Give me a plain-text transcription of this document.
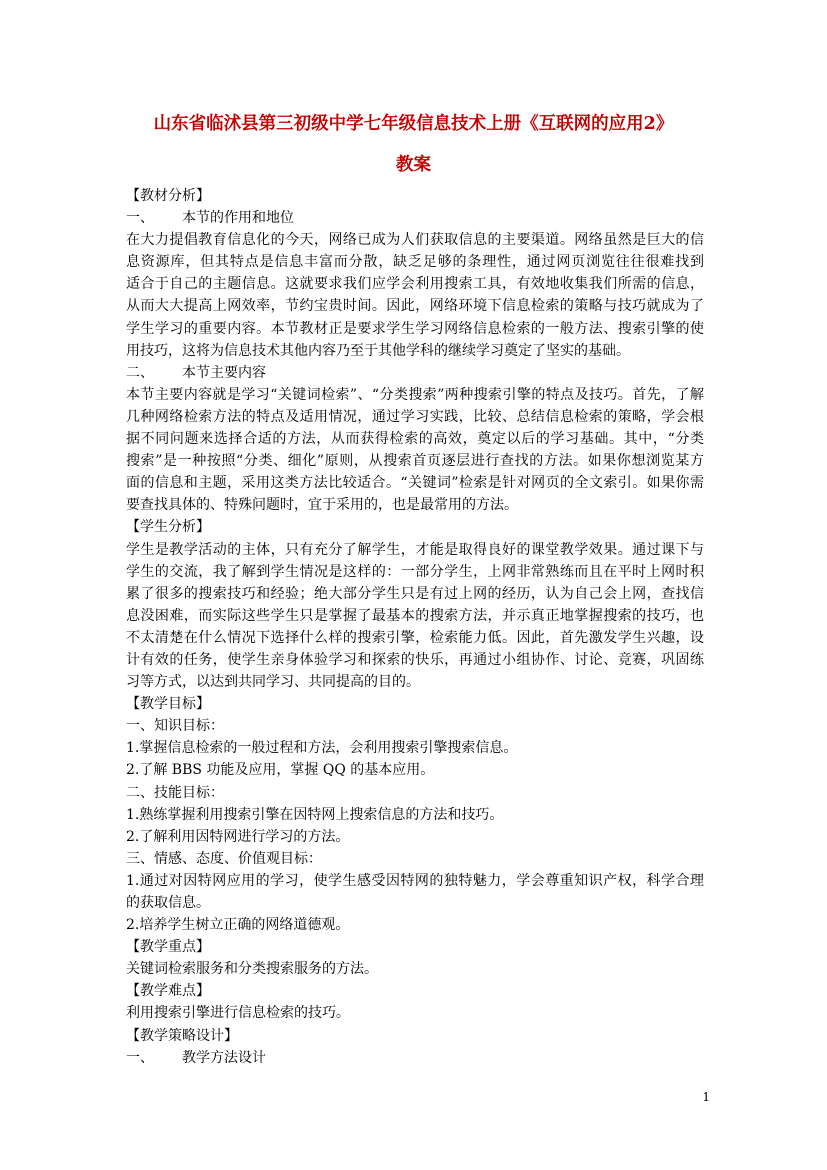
山东省临沭县第三初级中学七年级信息技术上册《互联网的应用2》
教案
【教材分析】
一、 本节的作用和地位
在大力提倡教育信息化的今天，网络已成为人们获取信息的主要渠道。网络虽然是巨大的信
息资源库，但其特点是信息丰富而分散，缺乏足够的条理性，通过网页浏览往往很难找到
适合于自己的主题信息。这就要求我们应学会利用搜索工具，有效地收集我们所需的信息，
从而大大提高上网效率，节约宝贵时间。因此，网络环境下信息检索的策略与技巧就成为了
学生学习的重要内容。本节教材正是要求学生学习网络信息检索的一般方法、搜索引擎的使
用技巧，这将为信息技术其他内容乃至于其他学科的继续学习奠定了坚实的基础。
二、 本节主要内容
本节主要内容就是学习“关键词检索”、“分类搜索”两种搜索引擎的特点及技巧。首先，了解
几种网络检索方法的特点及适用情况，通过学习实践，比较、总结信息检索的策略，学会根
据不同问题来选择合适的方法，从而获得检索的高效，奠定以后的学习基础。其中，“分类
搜索”是一种按照“分类、细化”原则，从搜索首页逐层进行查找的方法。如果你想浏览某方
面的信息和主题，采用这类方法比较适合。“关键词”检索是针对网页的全文索引。如果你需
要查找具体的、特殊问题时，宜于采用的，也是最常用的方法。
【学生分析】
学生是教学活动的主体，只有充分了解学生，才能是取得良好的课堂教学效果。通过课下与
学生的交流，我了解到学生情况是这样的：一部分学生，上网非常熟练而且在平时上网时积
累了很多的搜索技巧和经验；绝大部分学生只是有过上网的经历，认为自己会上网，查找信
息没困难，而实际这些学生只是掌握了最基本的搜索方法，并示真正地掌握搜索的技巧，也
不太清楚在什么情况下选择什么样的搜索引擎，检索能力低。因此，首先激发学生兴趣，设
计有效的任务，使学生亲身体验学习和探索的快乐，再通过小组协作、讨论、竞赛，巩固练
习等方式，以达到共同学习、共同提高的目的。
【教学目标】
一、知识目标：
1.掌握信息检索的一般过程和方法，会利用搜索引擎搜索信息。
2.了解 BBS 功能及应用，掌握 QQ 的基本应用。
二、技能目标：
1.熟练掌握利用搜索引擎在因特网上搜索信息的方法和技巧。
2.了解利用因特网进行学习的方法。
三、情感、态度、价值观目标：
1.通过对因特网应用的学习，使学生感受因特网的独特魅力，学会尊重知识产权，科学合理
的获取信息。
2.培养学生树立正确的网络道德观。
【教学重点】
关键词检索服务和分类搜索服务的方法。
【教学难点】
利用搜索引擎进行信息检索的技巧。
【教学策略设计】
一、 教学方法设计
1
